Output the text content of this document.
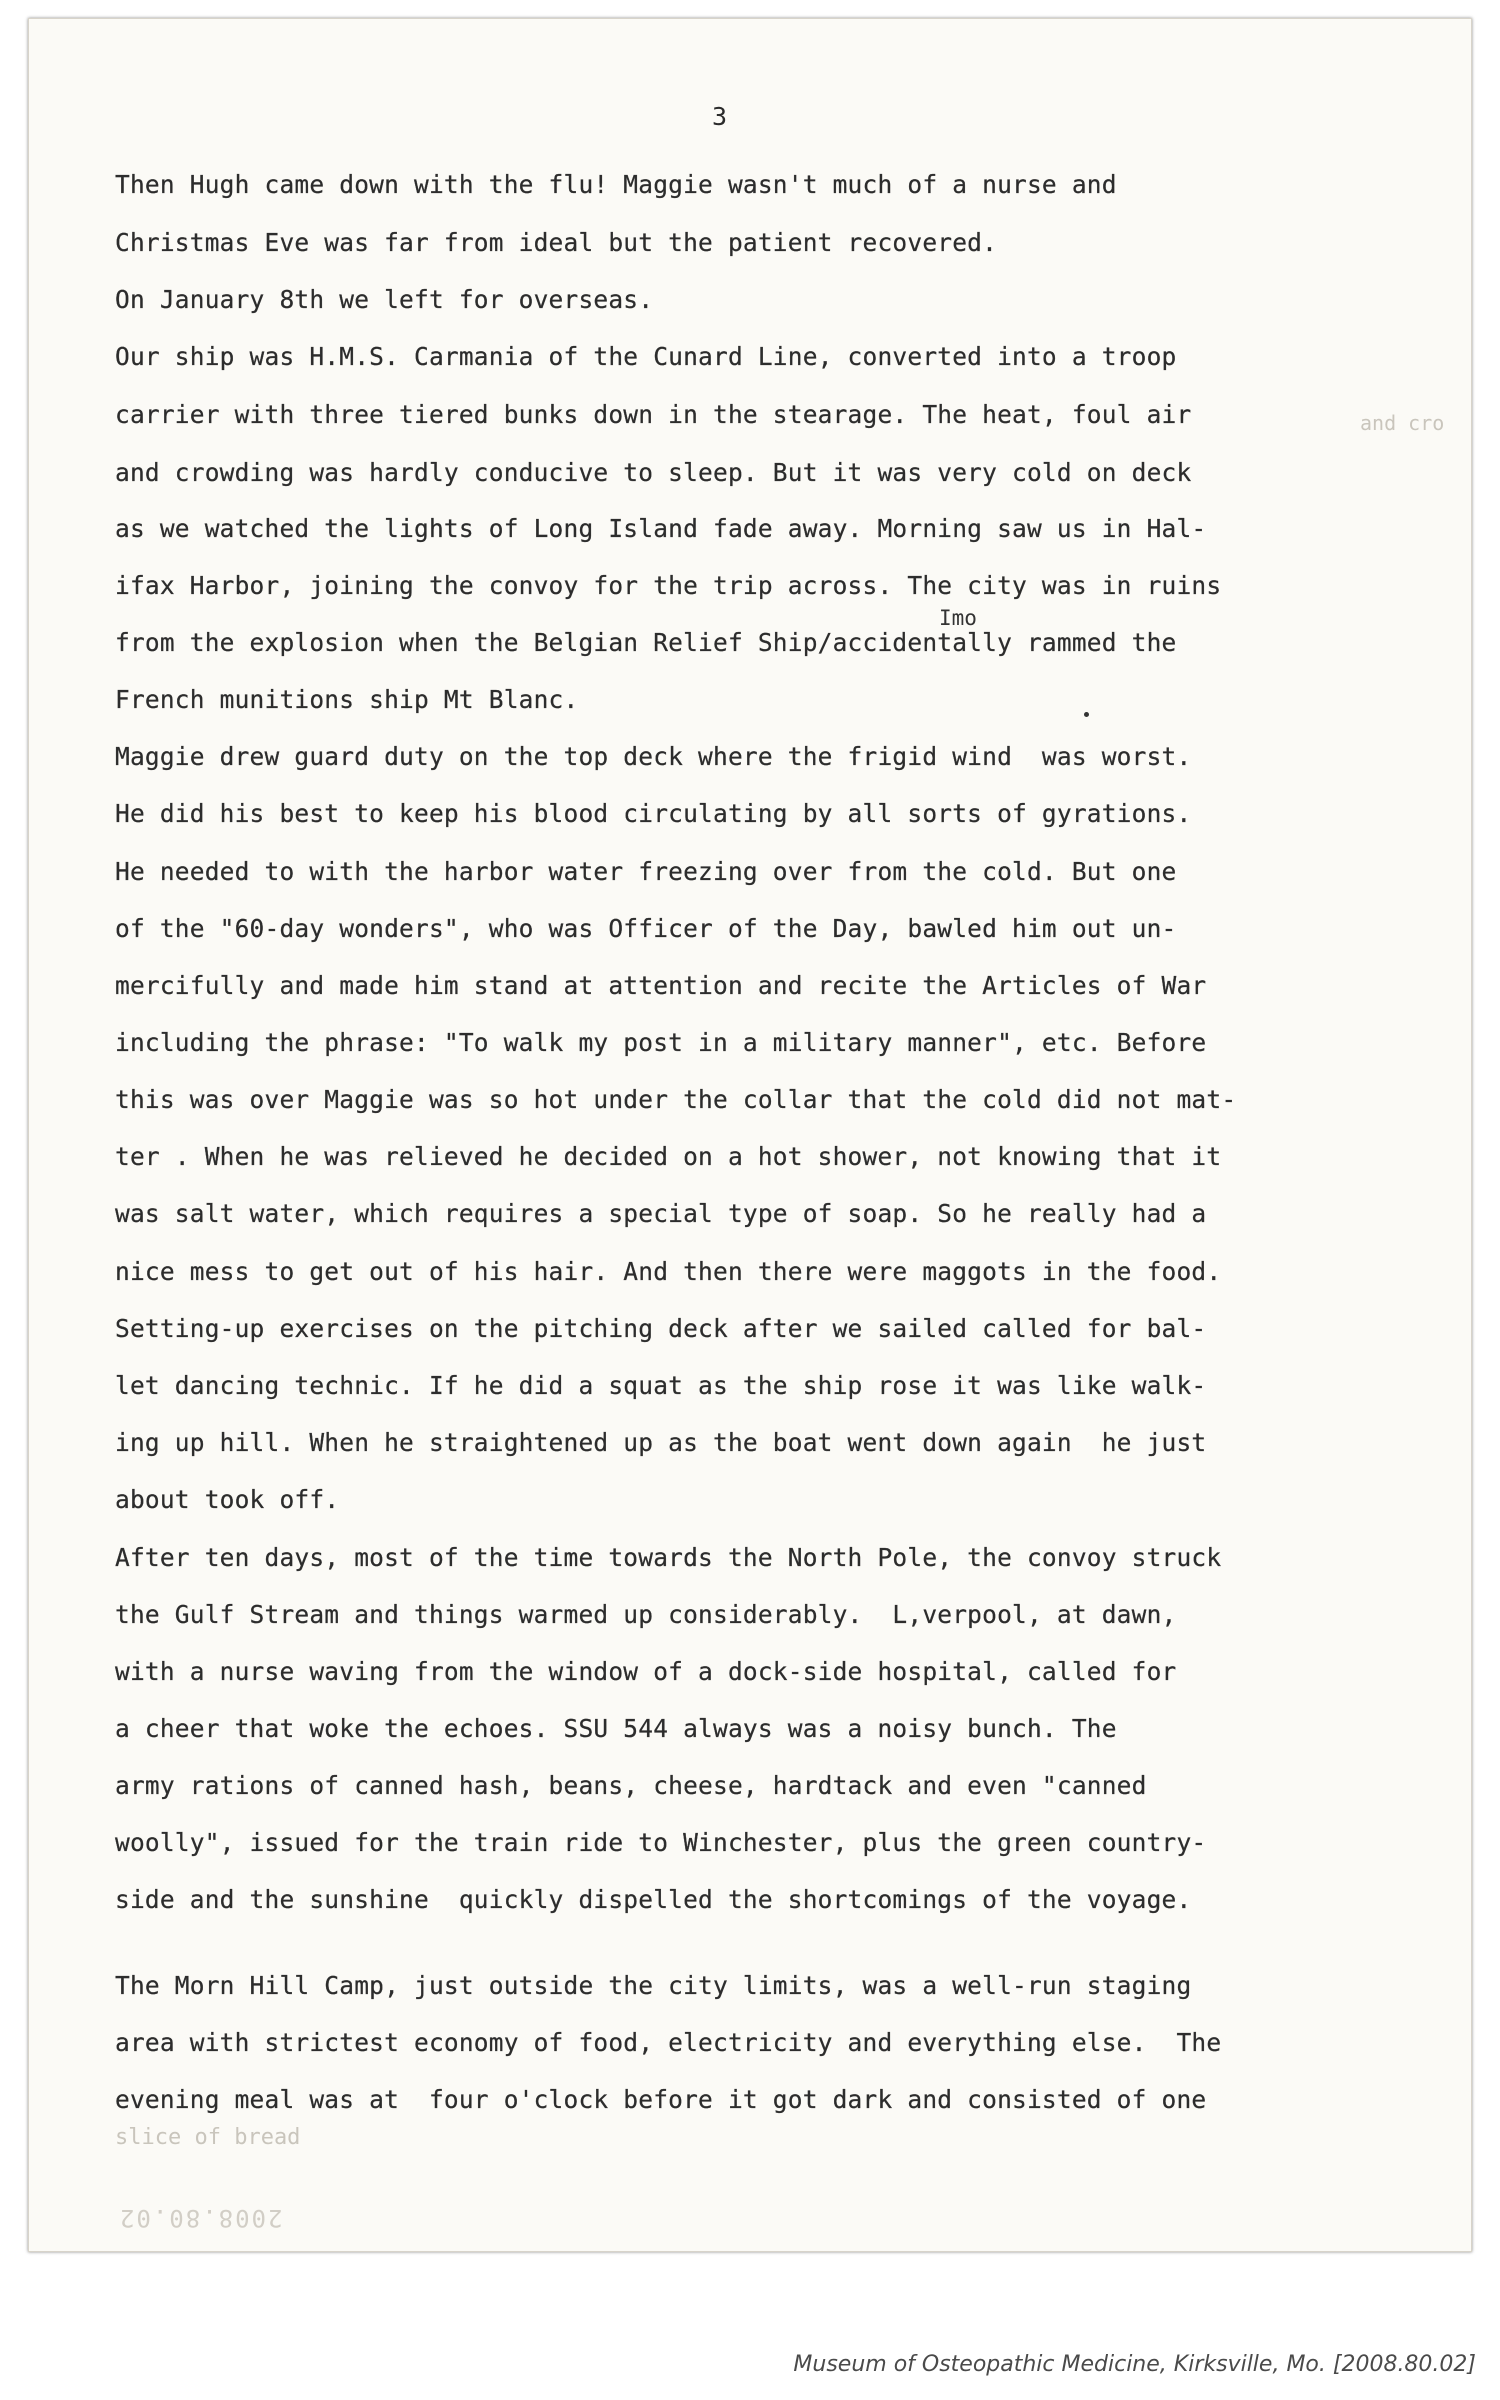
3
Imo
and cro
slice of bread
2008.80.02
Then Hugh came down with the flu! Maggie wasn't much of a nurse and
Christmas Eve was far from ideal but the patient recovered.
On January 8th we left for overseas.
Our ship was H.M.S. Carmania of the Cunard Line, converted into a troop
carrier with three tiered bunks down in the stearage. The heat, foul air
and crowding was hardly conducive to sleep. But it was very cold on deck
as we watched the lights of Long Island fade away. Morning saw us in Hal-
ifax Harbor, joining the convoy for the trip across. The city was in ruins
from the explosion when the Belgian Relief Ship/accidentally rammed the
French munitions ship Mt Blanc.
Maggie drew guard duty on the top deck where the frigid wind  was worst.
He did his best to keep his blood circulating by all sorts of gyrations.
He needed to with the harbor water freezing over from the cold. But one
of the "60-day wonders", who was Officer of the Day, bawled him out un-
mercifully and made him stand at attention and recite the Articles of War
including the phrase: "To walk my post in a military manner", etc. Before
this was over Maggie was so hot under the collar that the cold did not mat-
ter . When he was relieved he decided on a hot shower, not knowing that it
was salt water, which requires a special type of soap. So he really had a
nice mess to get out of his hair. And then there were maggots in the food.
Setting-up exercises on the pitching deck after we sailed called for bal-
let dancing technic. If he did a squat as the ship rose it was like walk-
ing up hill. When he straightened up as the boat went down again  he just
about took off.
After ten days, most of the time towards the North Pole, the convoy struck
the Gulf Stream and things warmed up considerably.  L,verpool, at dawn,
with a nurse waving from the window of a dock-side hospital, called for
a cheer that woke the echoes. SSU 544 always was a noisy bunch. The
army rations of canned hash, beans, cheese, hardtack and even "canned
woolly", issued for the train ride to Winchester, plus the green country-
side and the sunshine  quickly dispelled the shortcomings of the voyage.
The Morn Hill Camp, just outside the city limits, was a well-run staging
area with strictest economy of food, electricity and everything else.  The
evening meal was at  four o'clock before it got dark and consisted of one
Museum of Osteopathic Medicine, Kirksville, Mo. [2008.80.02]
